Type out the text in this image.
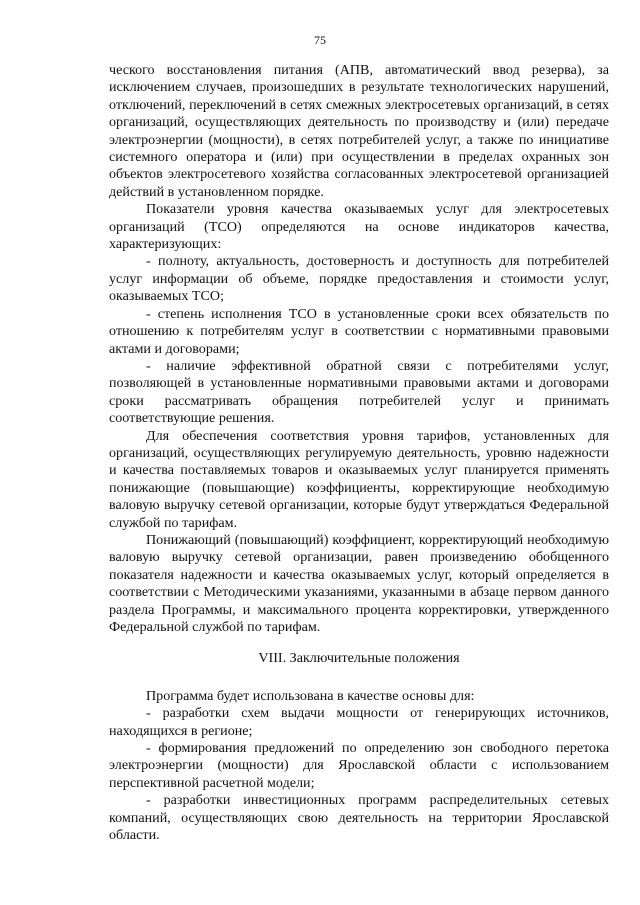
75

ческого восстановления питания (АПВ, автоматический ввод резерва), за исключением случаев, произошедших в результате технологических нарушений, отключений, переключений в сетях смежных электросетевых организаций, в сетях организаций, осуществляющих деятельность по производству и (или) передаче электроэнергии (мощности), в сетях потребителей услуг, а также по инициативе системного оператора и (или) при осуществлении в пределах охранных зон объектов электросетевого хозяйства согласованных электросетевой организацией действий в установленном порядке.

Показатели уровня качества оказываемых услуг для электросетевых организаций (ТСО) определяются на основе индикаторов качества, характеризующих:

- полноту, актуальность, достоверность и доступность для потребителей услуг информации об объеме, порядке предоставления и стоимости услуг, оказываемых ТСО;

- степень исполнения ТСО в установленные сроки всех обязательств по отношению к потребителям услуг в соответствии с нормативными правовыми актами и договорами;

- наличие эффективной обратной связи с потребителями услуг, позволяющей в установленные нормативными правовыми актами и договорами сроки рассматривать обращения потребителей услуг и принимать соответствующие решения.

Для обеспечения соответствия уровня тарифов, установленных для организаций, осуществляющих регулируемую деятельность, уровню надежности и качества поставляемых товаров и оказываемых услуг планируется применять понижающие (повышающие) коэффициенты, корректирующие необходимую валовую выручку сетевой организации, которые будут утверждаться Федеральной службой по тарифам.

Понижающий (повышающий) коэффициент, корректирующий необходимую валовую выручку сетевой организации, равен произведению обобщенного показателя надежности и качества оказываемых услуг, который определяется в соответствии с Методическими указаниями, указанными в абзаце первом данного раздела Программы, и максимального процента корректировки, утвержденного Федеральной службой по тарифам.

VIII. Заключительные положения

Программа будет использована в качестве основы для:

- разработки схем выдачи мощности от генерирующих источников, находящихся в регионе;

- формирования предложений по определению зон свободного перетока электроэнергии (мощности) для Ярославской области с использованием перспективной расчетной модели;

- разработки инвестиционных программ распределительных сетевых компаний, осуществляющих свою деятельность на территории Ярославской области.
